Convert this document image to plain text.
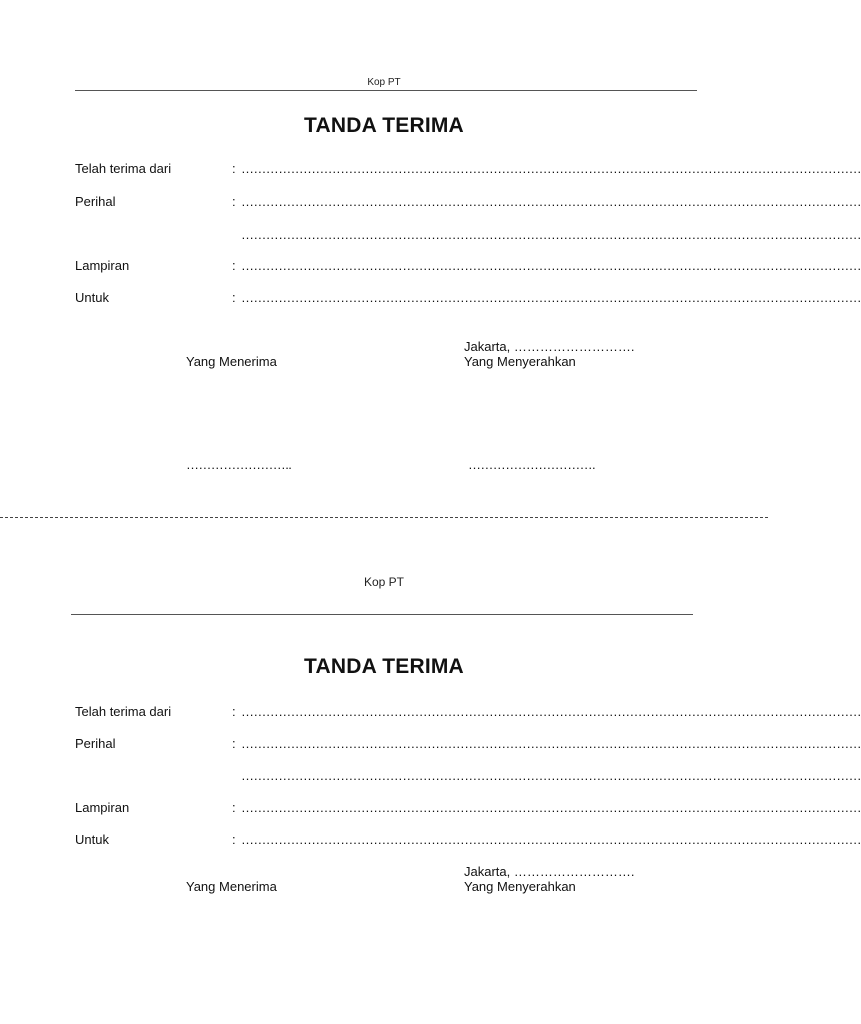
Kop PT
TANDA TERIMA
Telah terima dari	: ……………………………………………………………………………………………………………………………………
Perihal	: ……………………………………………………………………………………………………………………………………
……………………………………………………………………………………………………………………………………
Lampiran	: ……………………………………………………………………………………………………………………………………
Untuk	: ……………………………………………………………………………………………………………………………………
Jakarta, ……………………….
Yang Menerima	Yang Menyerahkan
……………………..	………………………….
Kop PT
TANDA TERIMA
Telah terima dari	: ……………………………………………………………………………………………………………………………………
Perihal	: ……………………………………………………………………………………………………………………………………
……………………………………………………………………………………………………………………………………
Lampiran	: ……………………………………………………………………………………………………………………………………
Untuk	: ……………………………………………………………………………………………………………………………………
Jakarta, ……………………….
Yang Menerima	Yang Menyerahkan
